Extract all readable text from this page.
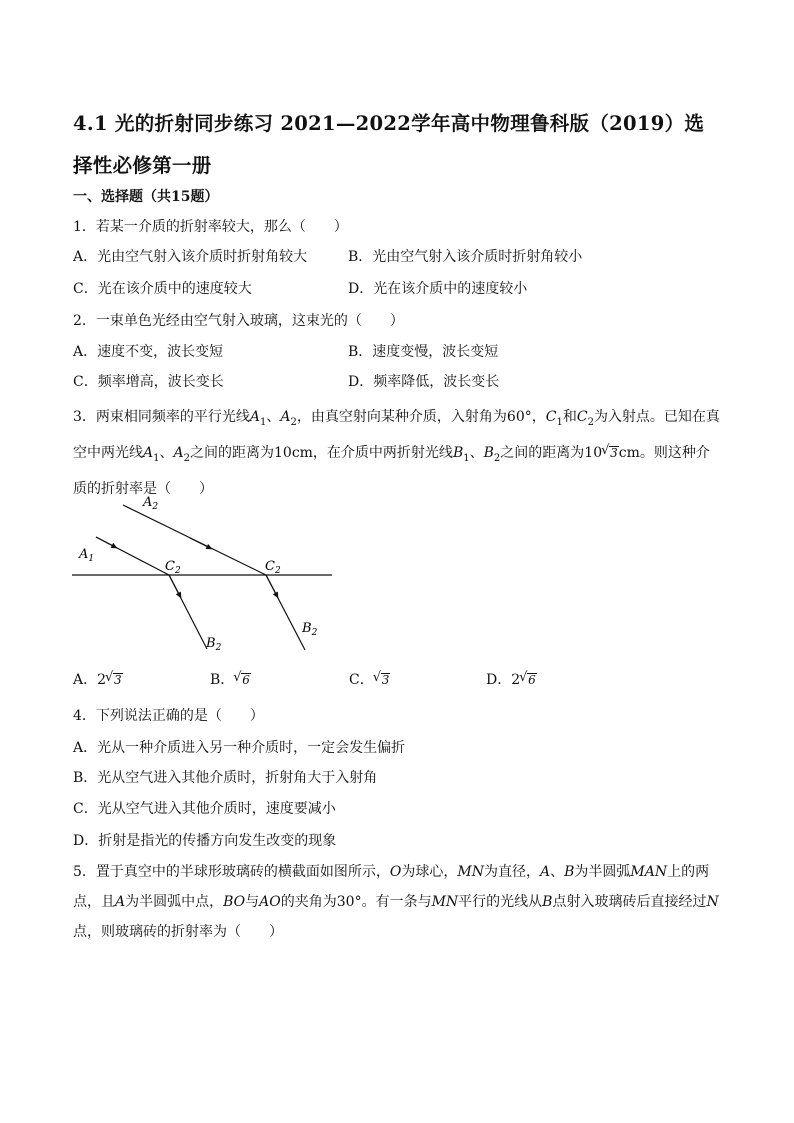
4.1 光的折射同步练习 2021—2022学年高中物理鲁科版（2019）选择性必修第一册
一、选择题（共15题）
1．若某一介质的折射率较大，那么（　　）
A．光由空气射入该介质时折射角较大	B．光由空气射入该介质时折射角较小
C．光在该介质中的速度较大	D．光在该介质中的速度较小
2．一束单色光经由空气射入玻璃，这束光的（　　）
A．速度不变，波长变短	B．速度变慢，波长变短
C．频率增高，波长变长	D．频率降低，波长变长
3．两束相同频率的平行光线$A_1$、$A_2$，由真空射向某种介质，入射角为60°，$C_1$和$C_2$为入射点。已知在真空中两光线$A_1$、$A_2$之间的距离为10cm，在介质中两折射光线$B_1$、$B_2$之间的距离为10 √ 3cm。则这种介质的折射率是（　　）
$A_2$
$A_1$	$C_2$	$C_2$
$B_2$
$B_2$
A．2 √ 3	B． √ 6	C． √ 3	D．2 √ 6
4．下列说法正确的是（　　）
A．光从一种介质进入另一种介质时，一定会发生偏折
B．光从空气进入其他介质时，折射角大于入射角
C．光从空气进入其他介质时，速度要减小
D．折射是指光的传播方向发生改变的现象
5．置于真空中的半球形玻璃砖的横截面如图所示，O为球心，MN为直径，A、B为半圆弧MAN上的两点，且A为半圆弧中点，BO与AO的夹角为30°。有一条与MN平行的光线从B点射入玻璃砖后直接经过N点，则玻璃砖的折射率为（　　）
